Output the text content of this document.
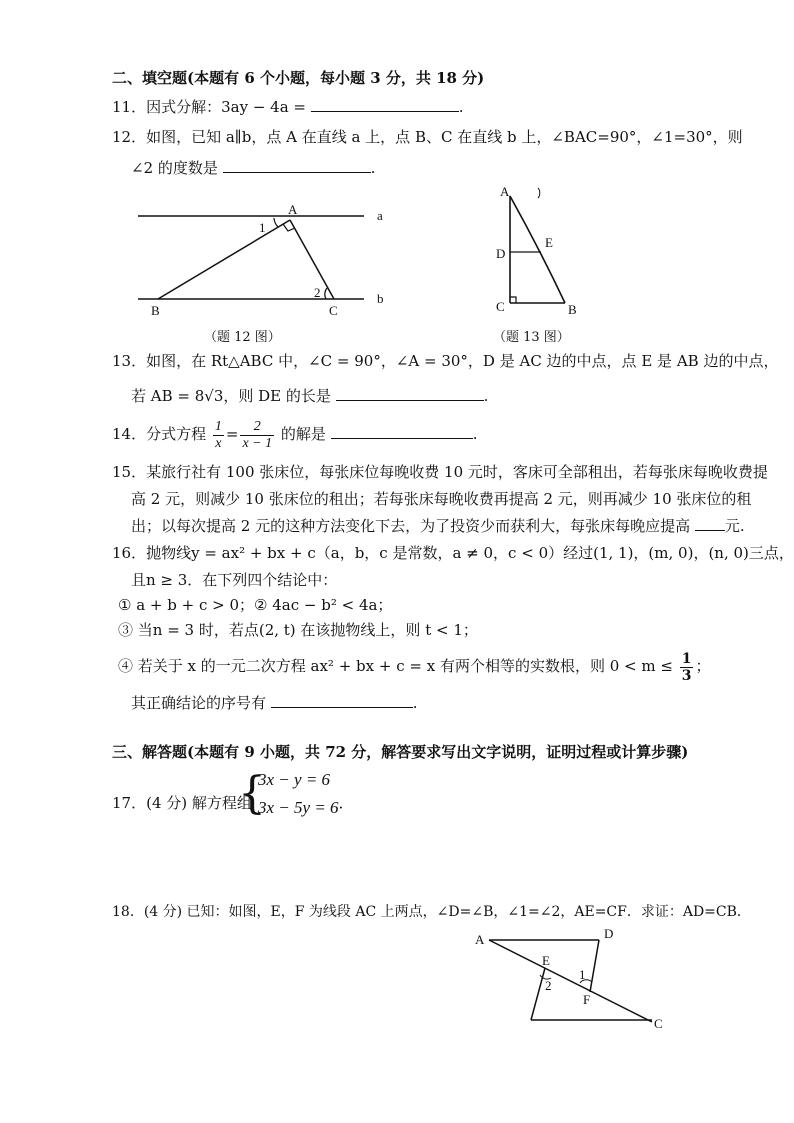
二、填空题(本题有 6 个小题，每小题 3 分，共 18 分)
11．因式分解：3ay − 4a =	.
12．如图，已知 a∥b，点 A 在直线 a 上，点 B、C 在直线 b 上，∠BAC=90°，∠1=30°，则
∠2 的度数是	.
A
B	C
a
b
1
2
（题 12 图）
A
D
E
C	B
（题 13 图）
13．如图，在 Rt△ABC 中，∠C = 90°，∠A = 30°，D 是 AC 边的中点，点 E 是 AB 边的中点，
若 AB = 8√3，则 DE 的长是	.
14．分式方程 $\frac{1}{x} = \frac{2}{x - 1}$ 的解是	.
15．某旅行社有 100 张床位，每张床位每晚收费 10 元时，客床可全部租出，若每张床每晚收费提
高 2 元，则减少 10 张床位的租出；若每张床每晚收费再提高 2 元，则再减少 10 张床位的租
出；以每次提高 2 元的这种方法变化下去，为了投资少而获利大，每张床每晚应提高 元.
16．抛物线y = ax² + bx + c（a，b，c 是常数，a ≠ 0，c < 0）经过(1, 1)，(m, 0)，(n, 0)三点，
且n ≥ 3．在下列四个结论中：
① a + b + c > 0；② 4ac − b² < 4a；
③ 当n = 3 时，若点(2, t) 在该抛物线上，则 t < 1；
④ 若关于 x 的一元二次方程 ax² + bx + c = x 有两个相等的实数根，则 $0 < m \le \frac{1}{3}$ ；
其正确结论的序号有	.
三、解答题(本题有 9 小题，共 72 分，解答要求写出文字说明，证明过程或计算步骤)
17．(4 分) 解方程组
{
3x − y = 6
3x − 5y = 6·
18．(4 分) 已知：如图，E，F 为线段 AC 上两点，∠D=∠B，∠1=∠2，AE=CF．求证：AD=CB．
A	D
E
1
2
F
C
